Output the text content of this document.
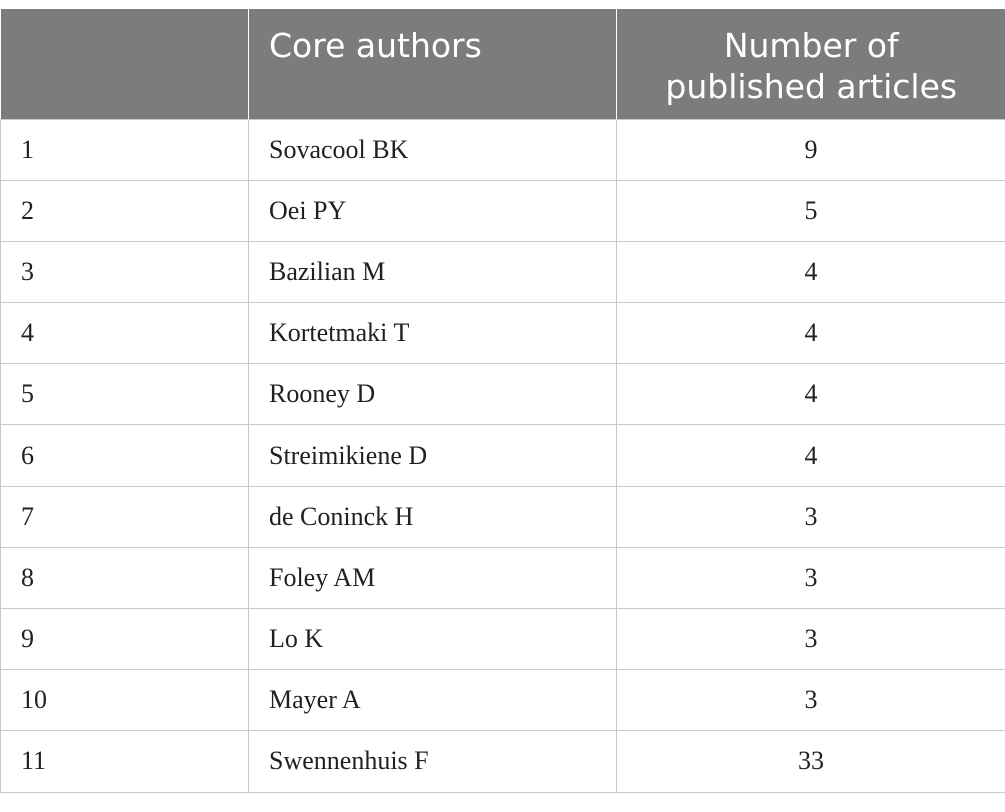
	Core authors	Number of
published articles
1	Sovacool BK	9
2	Oei PY	5
3	Bazilian M	4
4	Kortetmaki T	4
5	Rooney D	4
6	Streimikiene D	4
7	de Coninck H	3
8	Foley AM	3
9	Lo K	3
10	Mayer A	3
11	Swennenhuis F	33
